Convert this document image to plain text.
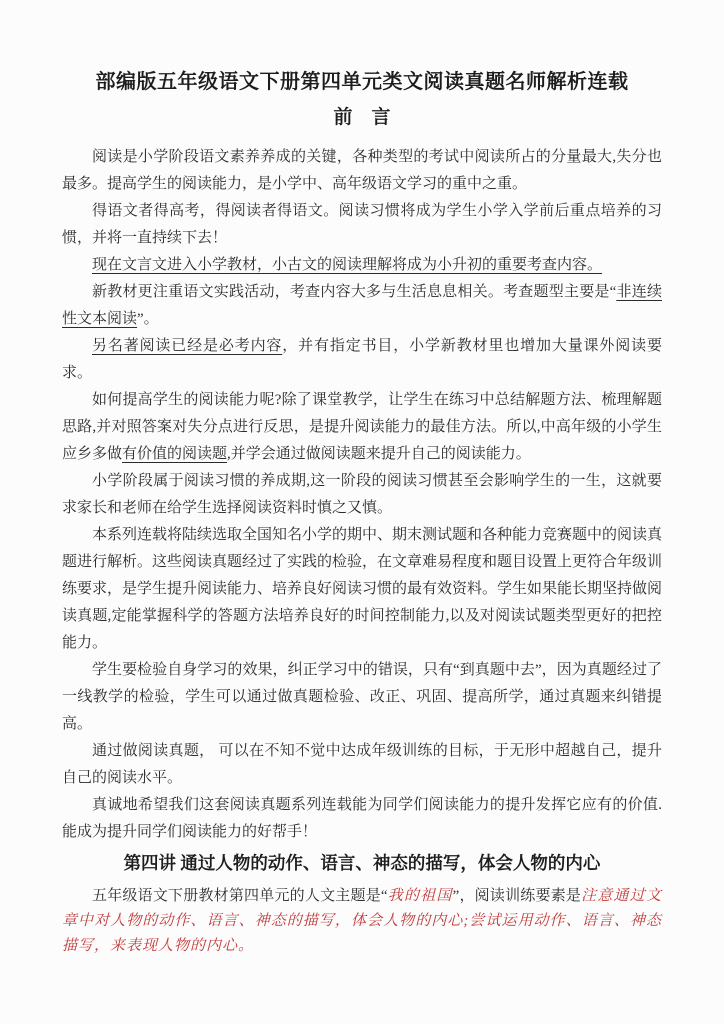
部编版五年级语文下册第四单元类文阅读真题名师解析连载
前　言

阅读是小学阶段语文素养养成的关键，各种类型的考试中阅读所占的分量最大,失分也最多。提高学生的阅读能力，是小学中、高年级语文学习的重中之重。

得语文者得高考，得阅读者得语文。阅读习惯将成为学生小学入学前后重点培养的习惯，并将一直持续下去！

现在文言文进入小学教材，小古文的阅读理解将成为小升初的重要考查内容。

新教材更注重语文实践活动，考查内容大多与生活息息相关。考查题型主要是“非连续性文本阅读”。

另名著阅读已经是必考内容，并有指定书目，小学新教材里也增加大量课外阅读要求。

如何提高学生的阅读能力呢?除了课堂教学，让学生在练习中总结解题方法、梳理解题思路,并对照答案对失分点进行反思，是提升阅读能力的最佳方法。所以,中高年级的小学生应乡多做有价值的阅读题,并学会通过做阅读题来提升自己的阅读能力。

小学阶段属于阅读习惯的养成期,这一阶段的阅读习惯甚至会影响学生的一生，这就要求家长和老师在给学生选择阅读资料时慎之又慎。

本系列连载将陆续选取全国知名小学的期中、期末测试题和各种能力竞赛题中的阅读真题进行解析。这些阅读真题经过了实践的检验，在文章难易程度和题目设置上更符合年级训练要求，是学生提升阅读能力、培养良好阅读习惯的最有效资料。学生如果能长期坚持做阅读真题,定能掌握科学的答题方法培养良好的时间控制能力,以及对阅读试题类型更好的把控能力。

学生要检验自身学习的效果，纠正学习中的错误，只有“到真题中去”，因为真题经过了一线教学的检验，学生可以通过做真题检验、改正、巩固、提高所学，通过真题来纠错提高。

通过做阅读真题， 可以在不知不觉中达成年级训练的目标，于无形中超越自己，提升自己的阅读水平。

真诚地希望我们这套阅读真题系列连载能为同学们阅读能力的提升发挥它应有的价值.能成为提升同学们阅读能力的好帮手！

第四讲 通过人物的动作、语言、神态的描写，体会人物的内心

五年级语文下册教材第四单元的人文主题是“我的祖国”，阅读训练要素是注意通过文章中对人物的动作、语言、神态的描写，体会人物的内心;尝试运用动作、语言、神态描写，来表现人物的内心。
